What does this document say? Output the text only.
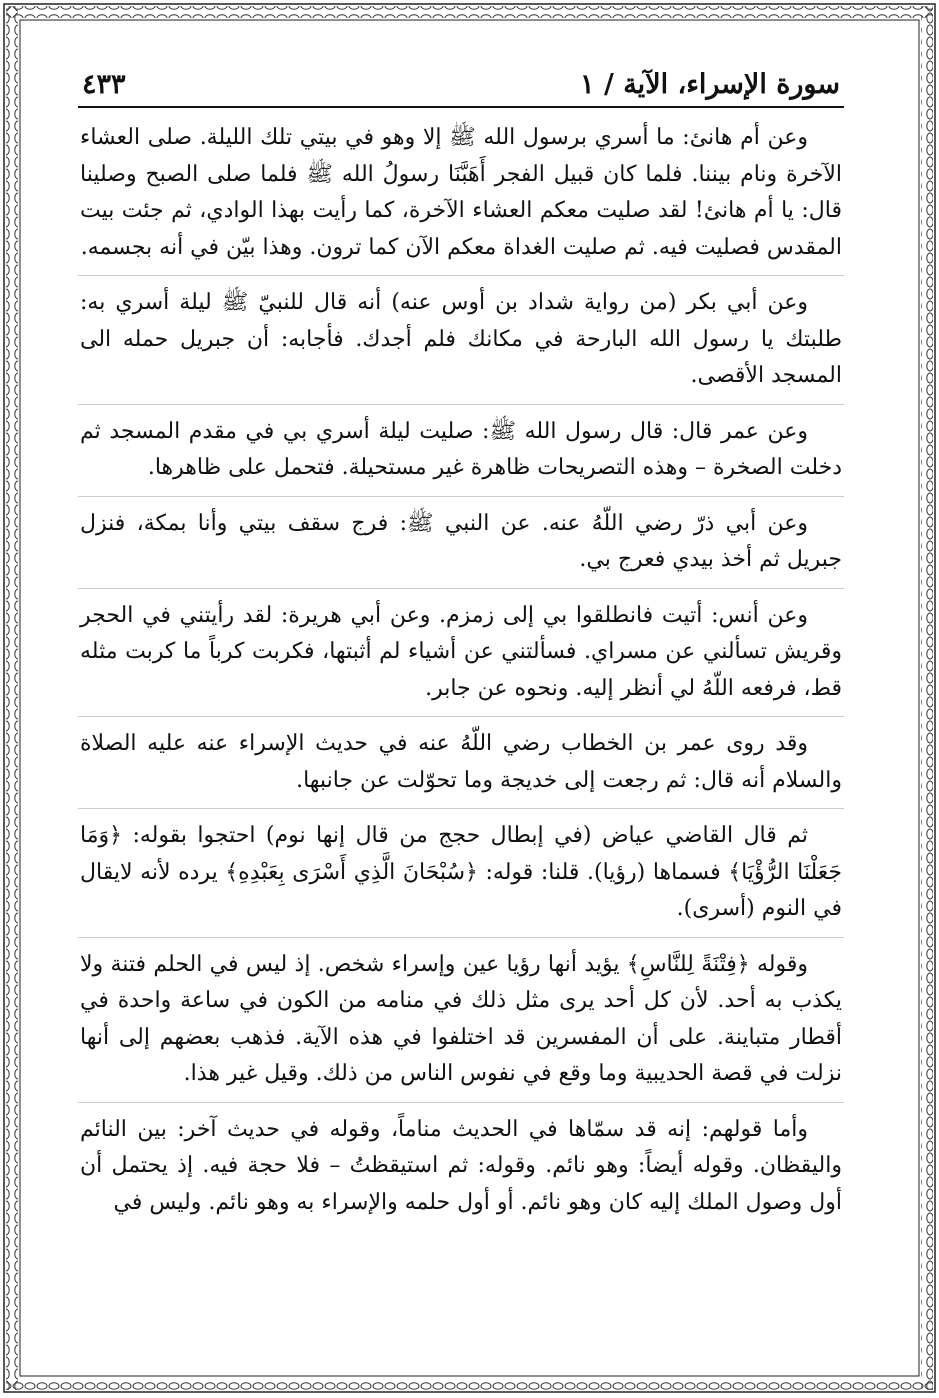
سورة الإسراء، الآية / ١
٤٣٣

وعن أم هانئ: ما أسري برسول الله ﷺ إلا وهو في بيتي تلك الليلة. صلى العشاء الآخرة ونام بيننا. فلما كان قبيل الفجر أَهَبَّنَا رسولُ الله ﷺ فلما صلى الصبح وصلينا قال: يا أم هانئ! لقد صليت معكم العشاء الآخرة، كما رأيت بهذا الوادي، ثم جئت بيت المقدس فصليت فيه. ثم صليت الغداة معكم الآن كما ترون. وهذا بيّن في أنه بجسمه.

وعن أبي بكر (من رواية شداد بن أوس عنه) أنه قال للنبيّ ﷺ ليلة أسري به: طلبتك يا رسول الله البارحة في مكانك فلم أجدك. فأجابه: أن جبريل حمله الى المسجد الأقصى.

وعن عمر قال: قال رسول الله ﷺ: صليت ليلة أسري بي في مقدم المسجد ثم دخلت الصخرة – وهذه التصريحات ظاهرة غير مستحيلة. فتحمل على ظاهرها.

وعن أبي ذرّ رضي اللّهُ عنه. عن النبي ﷺ: فرج سقف بيتي وأنا بمكة، فنزل جبريل ثم أخذ بيدي فعرج بي.

وعن أنس: أتيت فانطلقوا بي إلى زمزم. وعن أبي هريرة: لقد رأيتني في الحجر وقريش تسألني عن مسراي. فسألتني عن أشياء لم أثبتها، فكربت كرباً ما كربت مثله قط، فرفعه اللّهُ لي أنظر إليه. ونحوه عن جابر.

وقد روى عمر بن الخطاب رضي اللّهُ عنه في حديث الإسراء عنه عليه الصلاة والسلام أنه قال: ثم رجعت إلى خديجة وما تحوّلت عن جانبها.

ثم قال القاضي عياض (في إبطال حجج من قال إنها نوم) احتجوا بقوله: ﴿وَمَا جَعَلْنَا الرُّؤْيَا﴾ فسماها (رؤيا). قلنا: قوله: ﴿سُبْحَانَ الَّذِي أَسْرَى بِعَبْدِهِ﴾ يرده لأنه لايقال في النوم (أسرى).

وقوله ﴿فِتْنَةً لِلنَّاسِ﴾ يؤيد أنها رؤيا عين وإسراء شخص. إذ ليس في الحلم فتنة ولا يكذب به أحد. لأن كل أحد يرى مثل ذلك في منامه من الكون في ساعة واحدة في أقطار متباينة. على أن المفسرين قد اختلفوا في هذه الآية. فذهب بعضهم إلى أنها نزلت في قصة الحديبية وما وقع في نفوس الناس من ذلك. وقيل غير هذا.

وأما قولهم: إنه قد سمّاها في الحديث مناماً، وقوله في حديث آخر: بين النائم واليقظان. وقوله أيضاً: وهو نائم. وقوله: ثم استيقظتُ – فلا حجة فيه. إذ يحتمل أن أول وصول الملك إليه كان وهو نائم. أو أول حلمه والإسراء به وهو نائم. وليس في
